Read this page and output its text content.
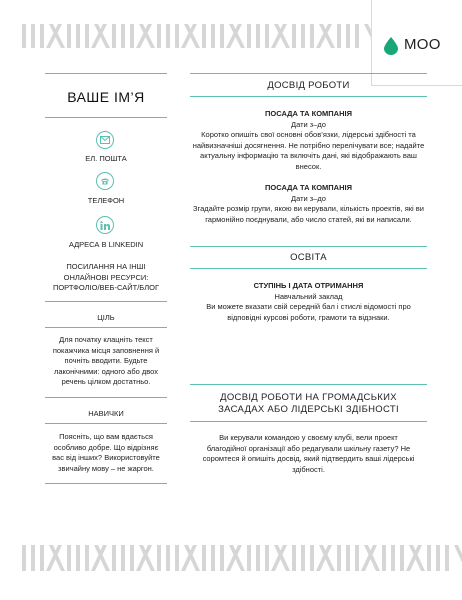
MOO
ВАШЕ ІМ’Я
ЕЛ. ПОШТА
ТЕЛЕФОН
АДРЕСА В LINKEDIN
ПОСИЛАННЯ НА ІНШІ ОНЛАЙНОВІ РЕСУРСИ: ПОРТФОЛІО/ВЕБ-САЙТ/БЛОГ
ЦІЛЬ
Для початку клацніть текст покажчика місця заповнення й почніть вводити. Будьте лаконічними: одного або двох речень цілком достатньо.
НАВИЧКИ
Поясніть, що вам вдається особливо добре. Що відрізняє вас від інших? Використовуйте звичайну мову – не жаргон.
ДОСВІД РОБОТИ
ПОСАДА ТА КОМПАНІЯ
Дати з–до
Коротко опишіть свої основні обов’язки, лідерські здібності та найвизначніші досягнення. Не потрібно перелічувати все; надайте актуальну інформацію та включіть дані, які відображають ваш внесок.
ПОСАДА ТА КОМПАНІЯ
Дати з–до
Згадайте розмір групи, якою ви керували, кількість проектів, які ви гармонійно поєднували, або число статей, які ви написали.
ОСВІТА
СТУПІНЬ І ДАТА ОТРИМАННЯ
Навчальний заклад
Ви можете вказати свій середній бал і стислі відомості про відповідні курсові роботи, грамоти та відзнаки.
ДОСВІД РОБОТИ НА ГРОМАДСЬКИХ ЗАСАДАХ АБО ЛІДЕРСЬКІ ЗДІБНОСТІ
Ви керували командою у своєму клубі, вели проект благодійної організації або редагували шкільну газету? Не соромтеся й опишіть досвід, який підтвердить ваші лідерські здібності.
